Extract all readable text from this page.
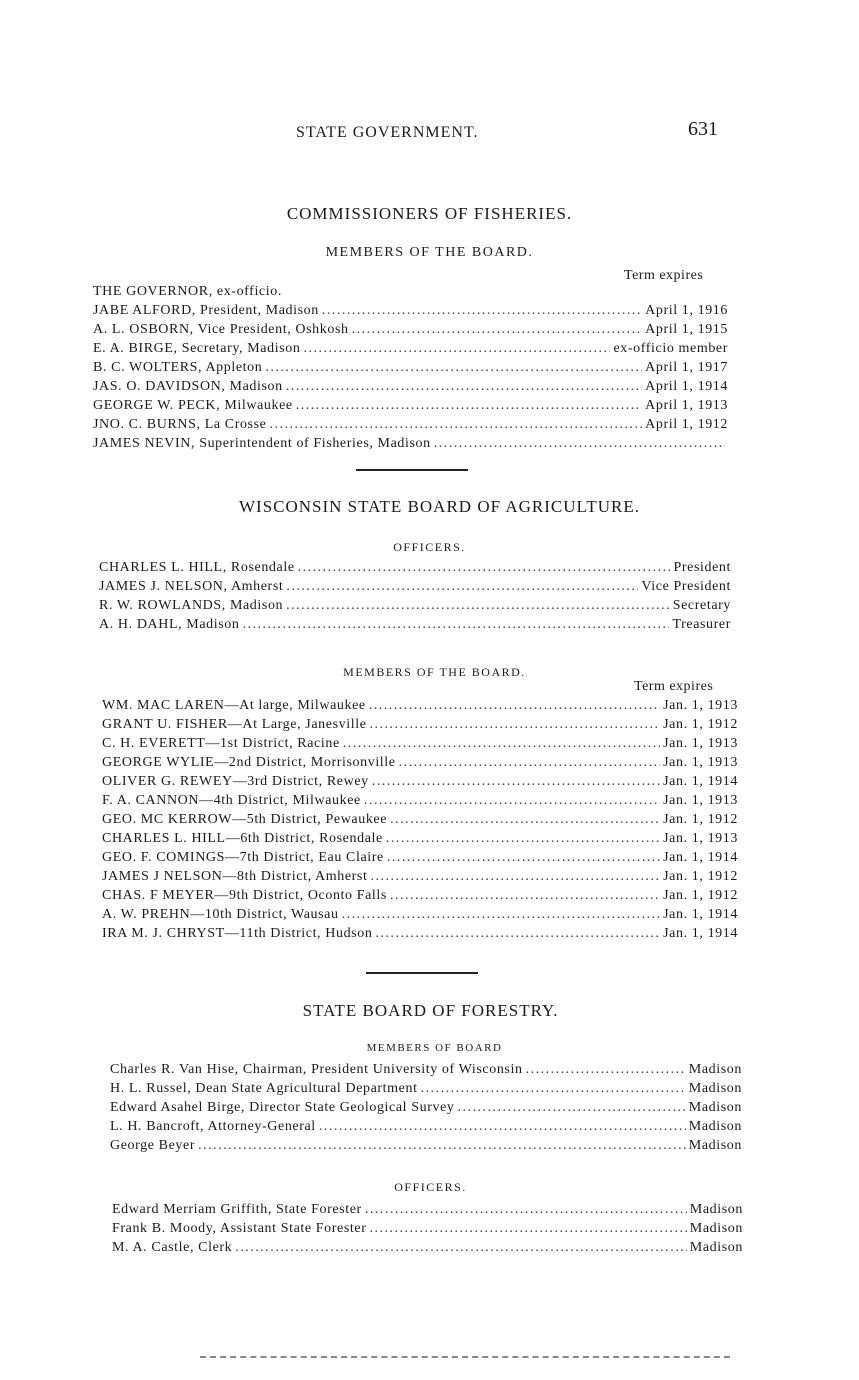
STATE GOVERNMENT.	631
COMMISSIONERS OF FISHERIES.
MEMBERS OF THE BOARD.
Term expires
THE GOVERNOR, ex-officio.
JABE ALFORD, President, Madison . . .	April 1, 1916
A. L. OSBORN, Vice President, Oshkosh . . .	April 1, 1915
E. A. BIRGE, Secretary, Madison . . .	ex-officio member
B. C. WOLTERS, Appleton . . .	April 1, 1917
JAS. O. DAVIDSON, Madison . . .	April 1, 1914
GEORGE W. PECK, Milwaukee . . .	April 1, 1913
JNO. C. BURNS, La Crosse . . .	April 1, 1912
JAMES NEVIN, Superintendent of Fisheries, Madison
. . .
WISCONSIN STATE BOARD OF AGRICULTURE.
OFFICERS.
CHARLES L. HILL, Rosendale . . .	President
JAMES J. NELSON, Amherst . . .	Vice President
R. W. ROWLANDS, Madison . . .	Secretary
A. H. DAHL, Madison . . .	Treasurer
MEMBERS OF THE BOARD.
Term expires
WM. MAC LAREN—At large, Milwaukee . . .	Jan. 1, 1913
GRANT U. FISHER—At Large, Janesville . . .	Jan. 1, 1912
C. H. EVERETT—1st District, Racine . . .	Jan. 1, 1913
GEORGE WYLIE—2nd District, Morrisonville . . .	Jan. 1, 1913
OLIVER G. REWEY—3rd District, Rewey . . .	Jan. 1, 1914
F. A. CANNON—4th District, Milwaukee . . .	Jan. 1, 1913
GEO. MC KERROW—5th District, Pewaukee . . .	Jan. 1, 1912
CHARLES L. HILL—6th District, Rosendale . . .	Jan. 1, 1913
GEO. F. COMINGS—7th District, Eau Claire . . .	Jan. 1, 1914
JAMES J NELSON—8th District, Amherst . . .	Jan. 1, 1912
CHAS. F MEYER—9th District, Oconto Falls . . .	Jan. 1, 1912
A. W. PREHN—10th District, Wausau . . .	Jan. 1, 1914
IRA M. J. CHRYST—11th District, Hudson . . .	Jan. 1, 1914
STATE BOARD OF FORESTRY.
MEMBERS OF BOARD
Charles R. Van Hise, Chairman, President University of Wisconsin . . .	Madison
H. L. Russel, Dean State Agricultural Department . . .	Madison
Edward Asahel Birge, Director State Geological Survey . . .	Madison
L. H. Bancroft, Attorney-General . . .	Madison
George Beyer . . .	Madison
OFFICERS.
Edward Merriam Griffith, State Forester . . .	Madison
Frank B. Moody, Assistant State Forester . . .	Madison
M. A. Castle, Clerk . . .	Madison
